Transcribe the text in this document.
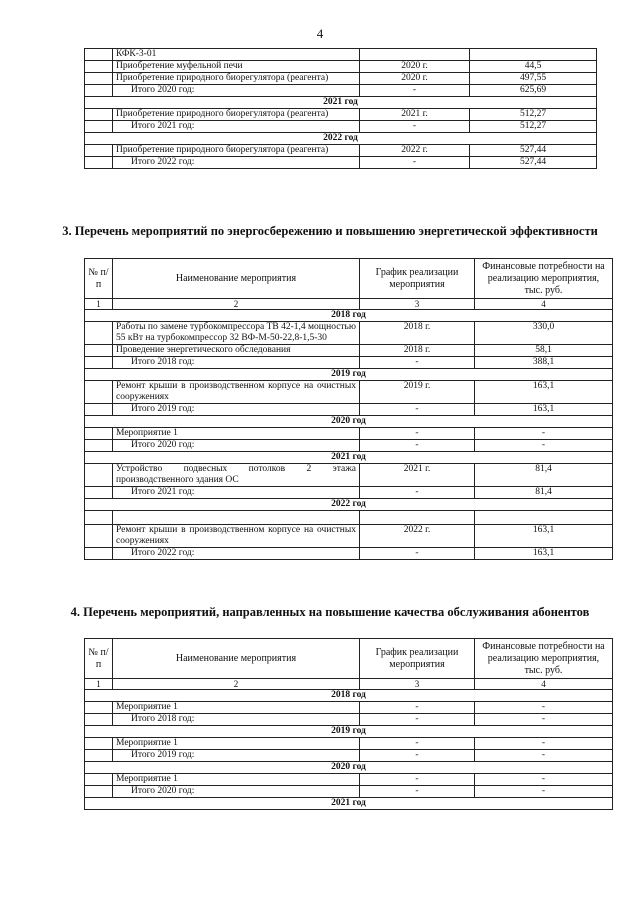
4
	КФК-3-01		
	Приобретение муфельной печи	2020 г.	44,5
	Приобретение природного биорегулятора (реагента)	2020 г.	497,55
	Итого 2020 год:	-	625,69
2021 год			
	Приобретение природного биорегулятора (реагента)	2021 г.	512,27
	Итого 2021 год:	-	512,27
2022 год			
	Приобретение природного биорегулятора (реагента)	2022 г.	527,44
	Итого 2022 год:	-	527,44
3. Перечень мероприятий по энергосбережению и повышению энергетической эффективности
№ п/п	Наименование мероприятия	График реализации мероприятия	Финансовые потребности на реализацию мероприятия, тыс. руб.
1	2	3	4
2018 год			
	Работы по замене турбокомпрессора ТВ 42-1,4 мощностью 55 кВт на турбокомпрессор 32 ВФ-М-50-22,8-1,5-30	2018 г.	330,0
	Проведение энергетического обследования	2018 г.	58,1
	Итого 2018 год:	-	388,1
2019 год			
	Ремонт крыши в производственном корпусе на очистных сооружениях	2019 г.	163,1
	Итого 2019 год:	-	163,1
2020 год			
	Мероприятие 1	-	-
	Итого 2020 год:	-	-
2021 год			
	Устройство подвесных потолков 2 этажа производственного здания ОС	2021 г.	81,4
	Итого 2021 год:	-	81,4
2022 год			

	Ремонт крыши в производственном корпусе на очистных сооружениях	2022 г.	163,1
	Итого 2022 год:	-	163,1
4. Перечень мероприятий, направленных на повышение качества обслуживания абонентов
№ п/п	Наименование мероприятия	График реализации мероприятия	Финансовые потребности на реализацию мероприятия, тыс. руб.
1	2	3	4
2018 год			
	Мероприятие 1	-	-
	Итого 2018 год:	-	-
2019 год			
	Мероприятие 1	-	-
	Итого 2019 год:	-	-
2020 год			
	Мероприятие 1	-	-
	Итого 2020 год:	-	-
2021 год			
